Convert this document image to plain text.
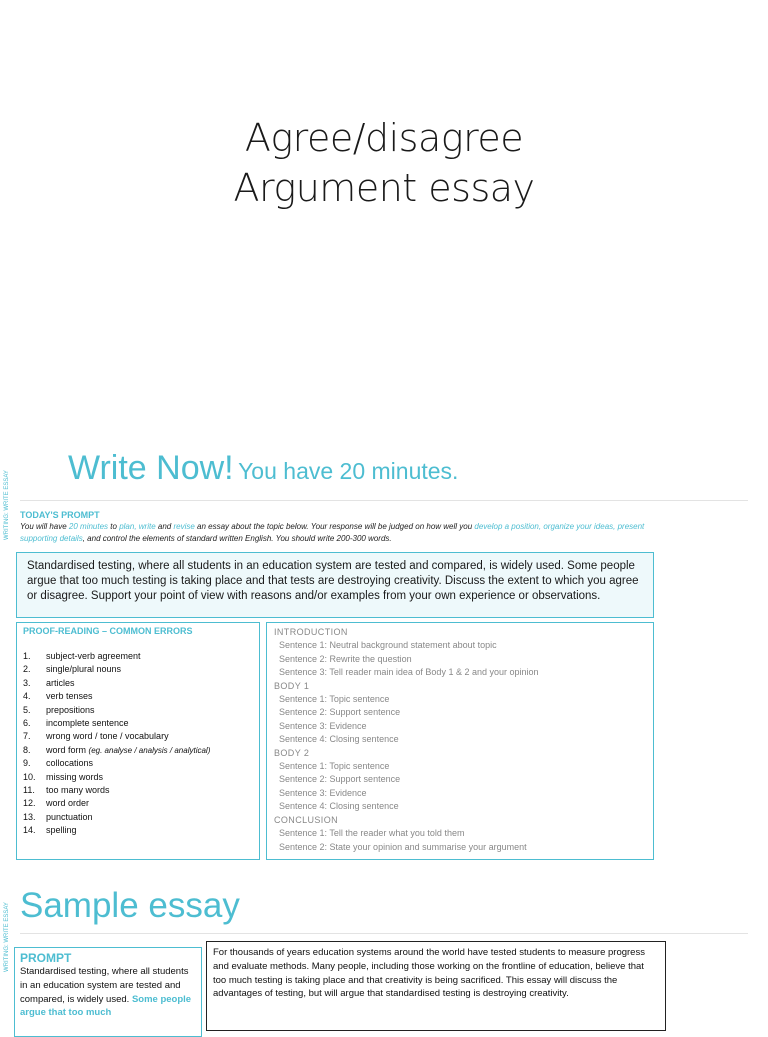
Agree/disagree
Argument essay
WRITING: WRITE ESSAY
Write Now! You have 20 minutes.
TODAY'S PROMPT
You will have 20 minutes to plan, write and revise an essay about the topic below. Your response will be judged on how well you develop a position, organize your ideas, present supporting details, and control the elements of standard written English. You should write 200-300 words.
Standardised testing, where all students in an education system are tested and compared, is widely used. Some people argue that too much testing is taking place and that tests are destroying creativity. Discuss the extent to which you agree or disagree. Support your point of view with reasons and/or examples from your own experience or observations.
PROOF-READING – COMMON ERRORS
1.	subject-verb agreement
2.	single/plural nouns
3.	articles
4.	verb tenses
5.	prepositions
6.	incomplete sentence
7.	wrong word / tone / vocabulary
8.	word form (eg. analyse / analysis / analytical)
9.	collocations
10.	missing words
11.	too many words
12.	word order
13.	punctuation
14.	spelling
INTRODUCTION
Sentence 1: Neutral background statement about topic
Sentence 2: Rewrite the question
Sentence 3: Tell reader main idea of Body 1 & 2 and your opinion
BODY 1
Sentence 1: Topic sentence
Sentence 2: Support sentence
Sentence 3: Evidence
Sentence 4: Closing sentence
BODY 2
Sentence 1: Topic sentence
Sentence 2: Support sentence
Sentence 3: Evidence
Sentence 4: Closing sentence
CONCLUSION
Sentence 1: Tell the reader what you told them
Sentence 2: State your opinion and summarise your argument
WRITING: WRITE ESSAY Sample essay
PROMPT
Standardised testing, where all students in an education system are tested and compared, is widely used. Some people argue that too much
For thousands of years education systems around the world have tested students to measure progress and evaluate methods. Many people, including those working on the frontline of education, believe that too much testing is taking place and that creativity is being sacrificed. This essay will discuss the advantages of testing, but will argue that standardised testing is destroying creativity.
